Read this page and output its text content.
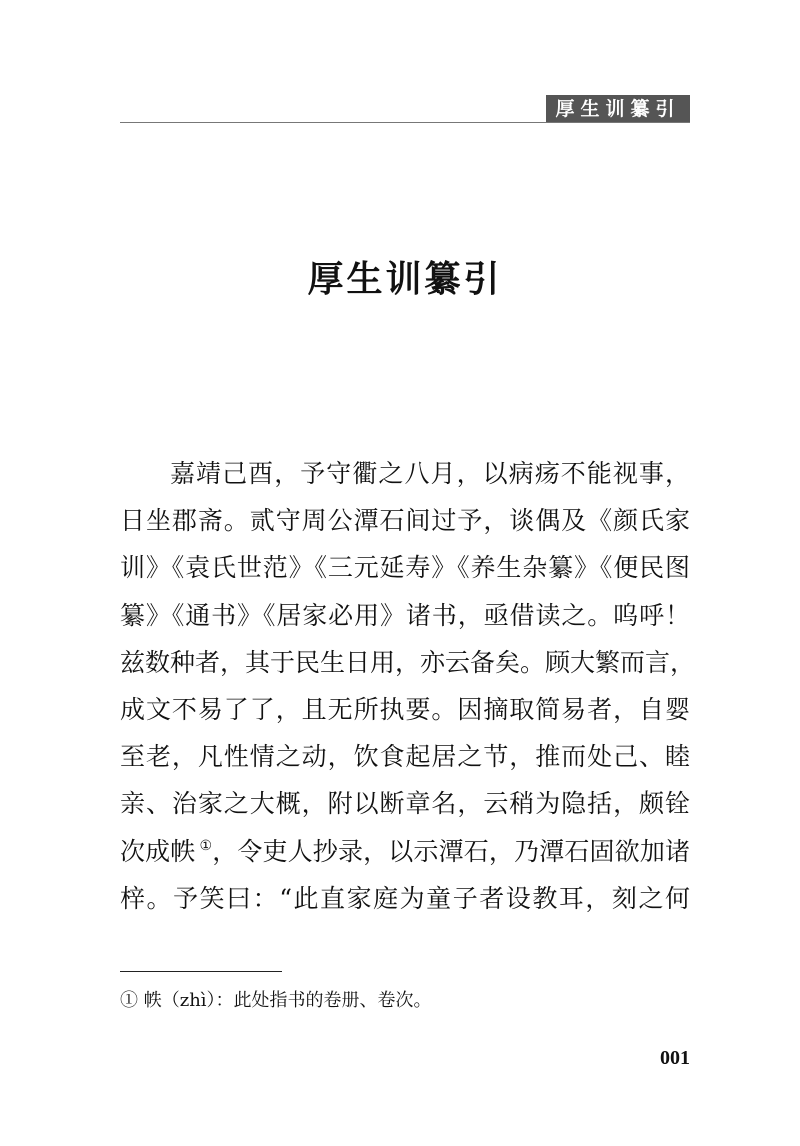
厚生训纂引
厚生训纂引
嘉靖己酉，予守衢之八月，以病疡不能视事，
日坐郡斋。贰守周公潭石间过予，谈偶及《颜氏家
训》《袁氏世范》《三元延寿》《养生杂纂》《便民图
纂》《通书》《居家必用》诸书，亟借读之。呜呼！
兹数种者，其于民生日用，亦云备矣。顾大繁而言，
成文不易了了，且无所执要。因摘取简易者，自婴
至老，凡性情之动，饮食起居之节，推而处己、睦
亲、治家之大概，附以断章名，云稍为隐括，颇铨
次成帙 ①，令吏人抄录，以示潭石，乃潭石固欲加诸
梓。予笑曰：“此直家庭为童子者设教耳，刻之何
① 帙（zhì）：此处指书的卷册、卷次。
001
